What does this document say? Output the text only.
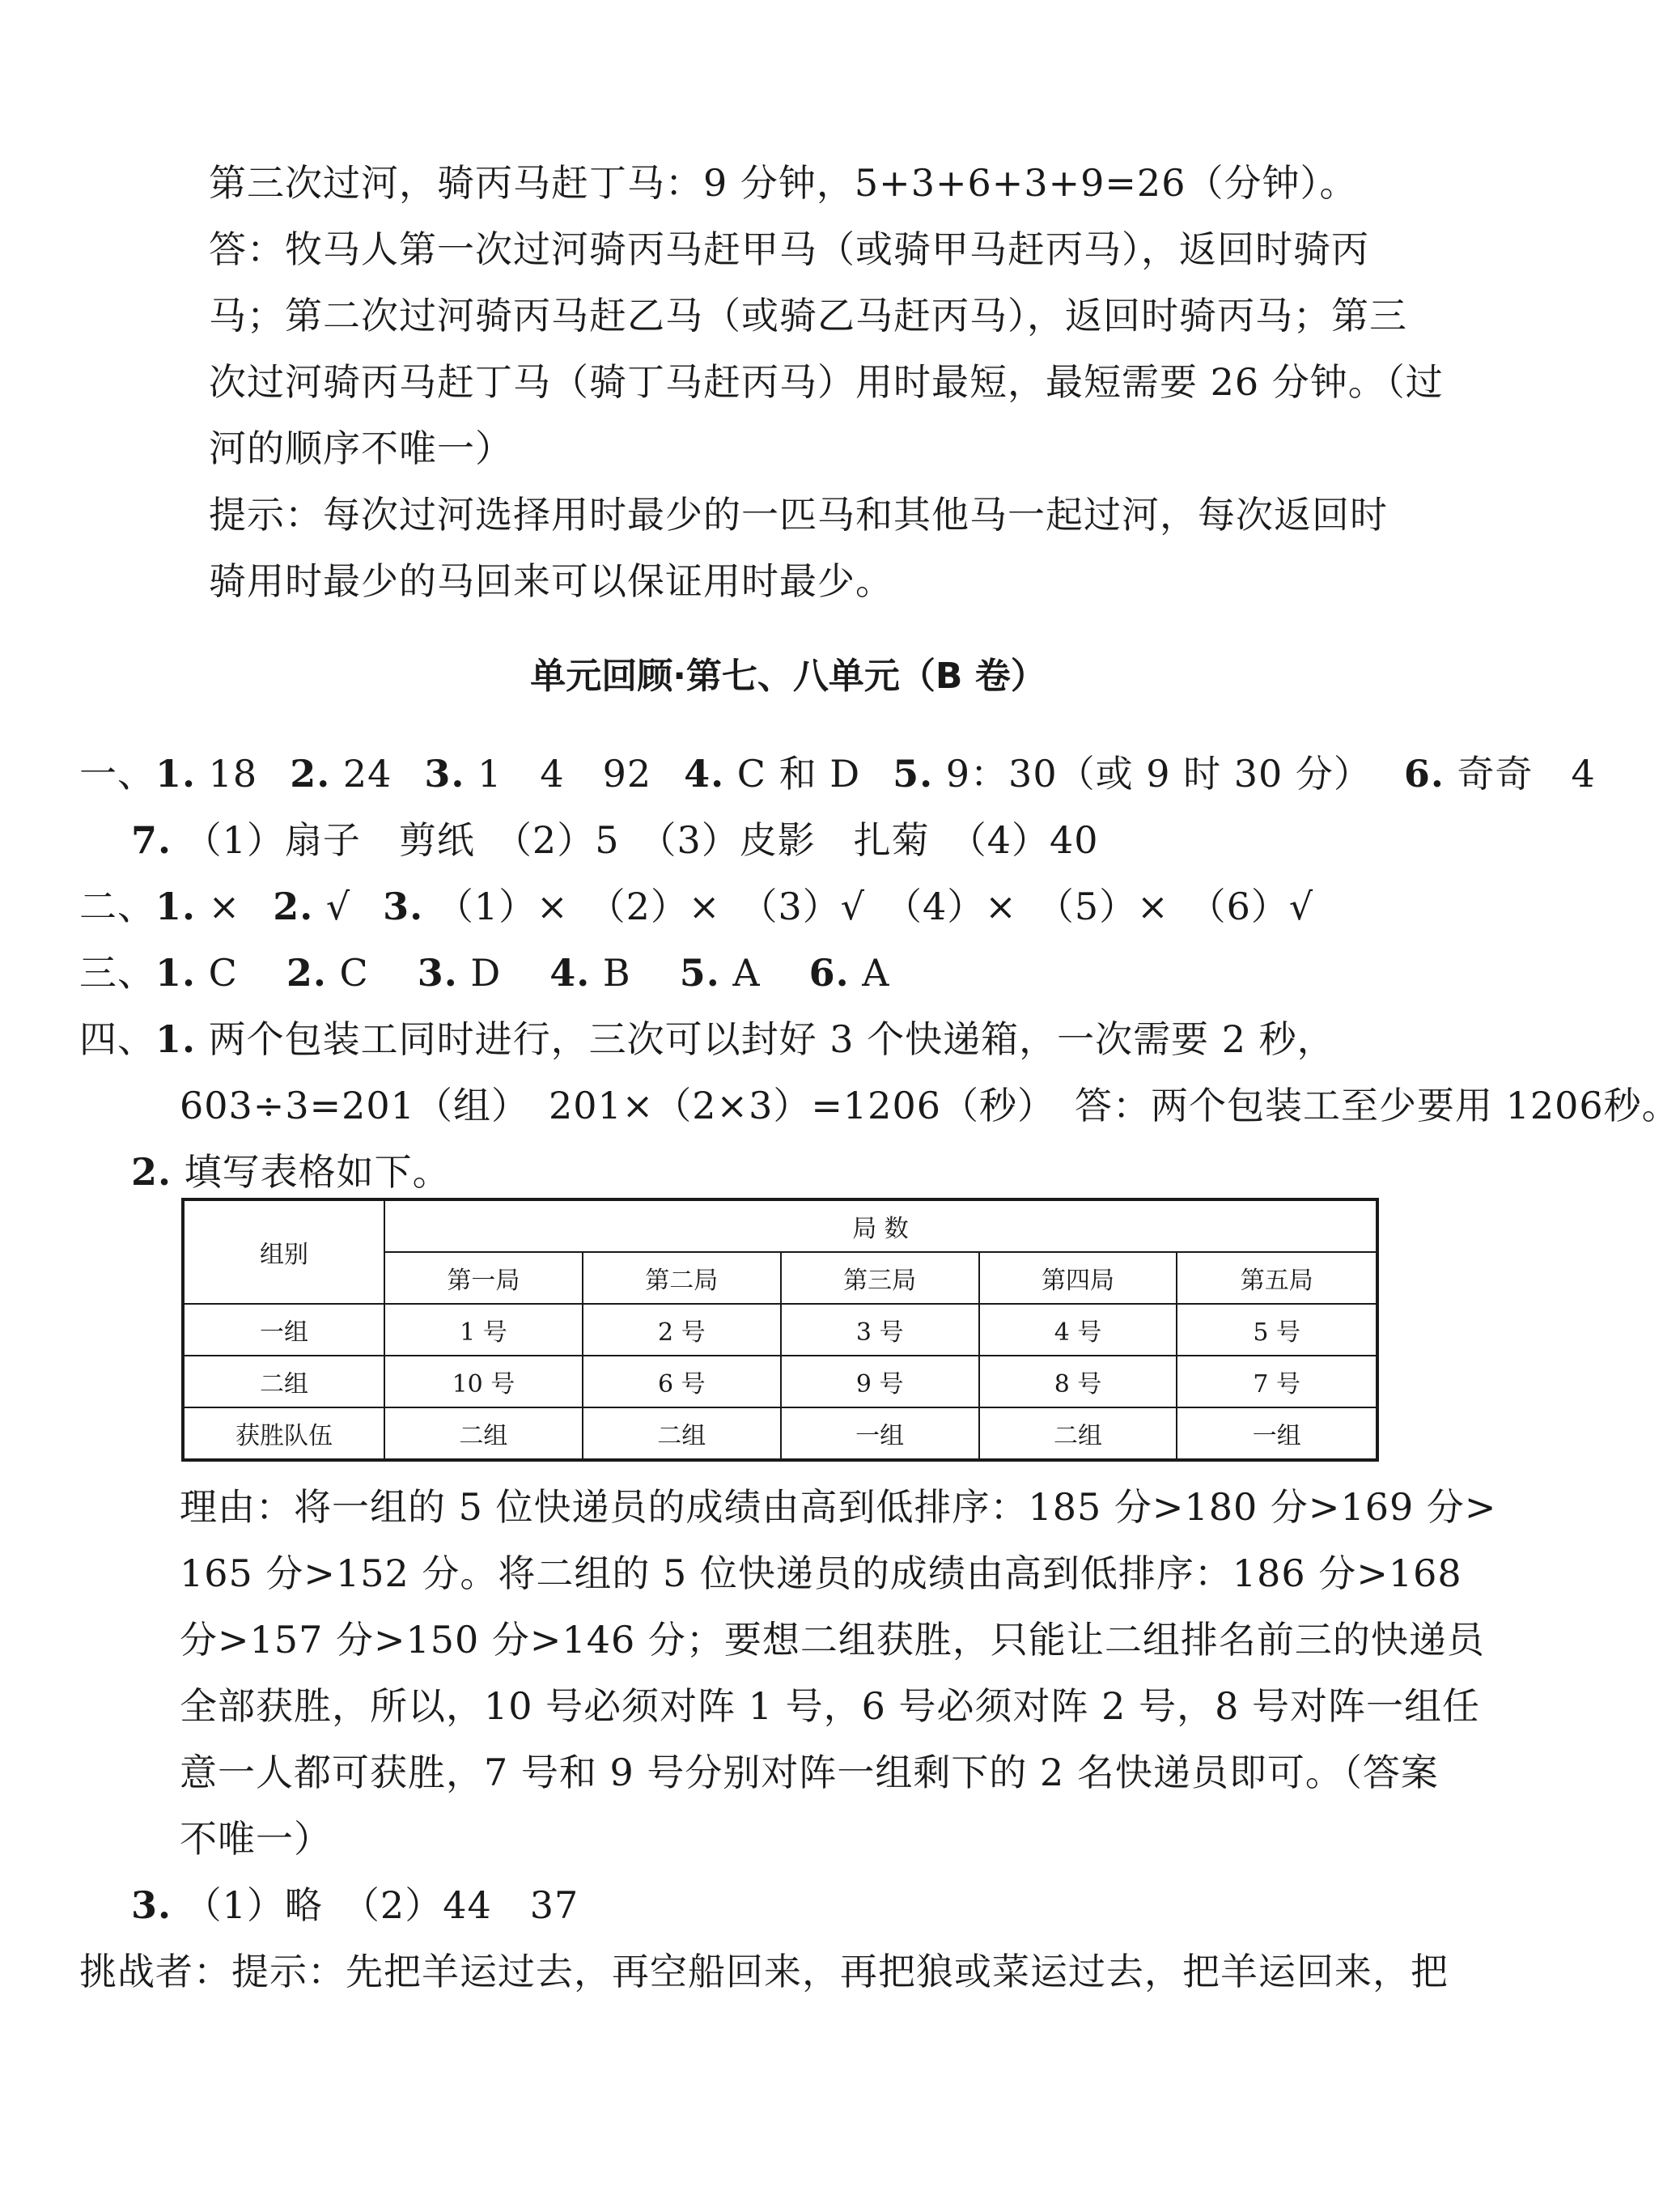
第三次过河，骑丙马赶丁马：9 分钟，5+3+6+3+9=26（分钟）。
答：牧马人第一次过河骑丙马赶甲马（或骑甲马赶丙马），返回时骑丙
马；第二次过河骑丙马赶乙马（或骑乙马赶丙马），返回时骑丙马；第三
次过河骑丙马赶丁马（骑丁马赶丙马）用时最短，最短需要 26 分钟。（过
河的顺序不唯一）
提示：每次过河选择用时最少的一匹马和其他马一起过河，每次返回时
骑用时最少的马回来可以保证用时最少。
单元回顾·第七、八单元（B 卷）
一、1. 18 2. 24 3. 1　4　92 4. C 和 D 5. 9：30（或 9 时 30 分） 6. 奇奇　4
7. （1）扇子　剪纸　（2）5　（3）皮影　扎菊　（4）40
二、1. × 2. √ 3. （1）×　（2）×　（3）√　（4）×　（5）×　（6）√
三、1. C 2. C 3. D 4. B 5. A 6. A
四、1. 两个包装工同时进行，三次可以封好 3 个快递箱，一次需要 2 秒，
603÷3=201（组）　201×（2×3）=1206（秒）　答：两个包装工至少要用 1206秒。
2. 填写表格如下。
组别	局 数				
	第一局	第二局	第三局	第四局	第五局
一组	1 号	2 号	3 号	4 号	5 号
二组	10 号	6 号	9 号	8 号	7 号
获胜队伍	二组	二组	一组	二组	一组
理由：将一组的 5 位快递员的成绩由高到低排序：185 分>180 分>169 分>
165 分>152 分。将二组的 5 位快递员的成绩由高到低排序：186 分>168
分>157 分>150 分>146 分；要想二组获胜，只能让二组排名前三的快递员
全部获胜，所以，10 号必须对阵 1 号，6 号必须对阵 2 号，8 号对阵一组任
意一人都可获胜，7 号和 9 号分别对阵一组剩下的 2 名快递员即可。（答案
不唯一）
3. （1）略　（2）44　37
挑战者：提示：先把羊运过去，再空船回来，再把狼或菜运过去，把羊运回来，把
